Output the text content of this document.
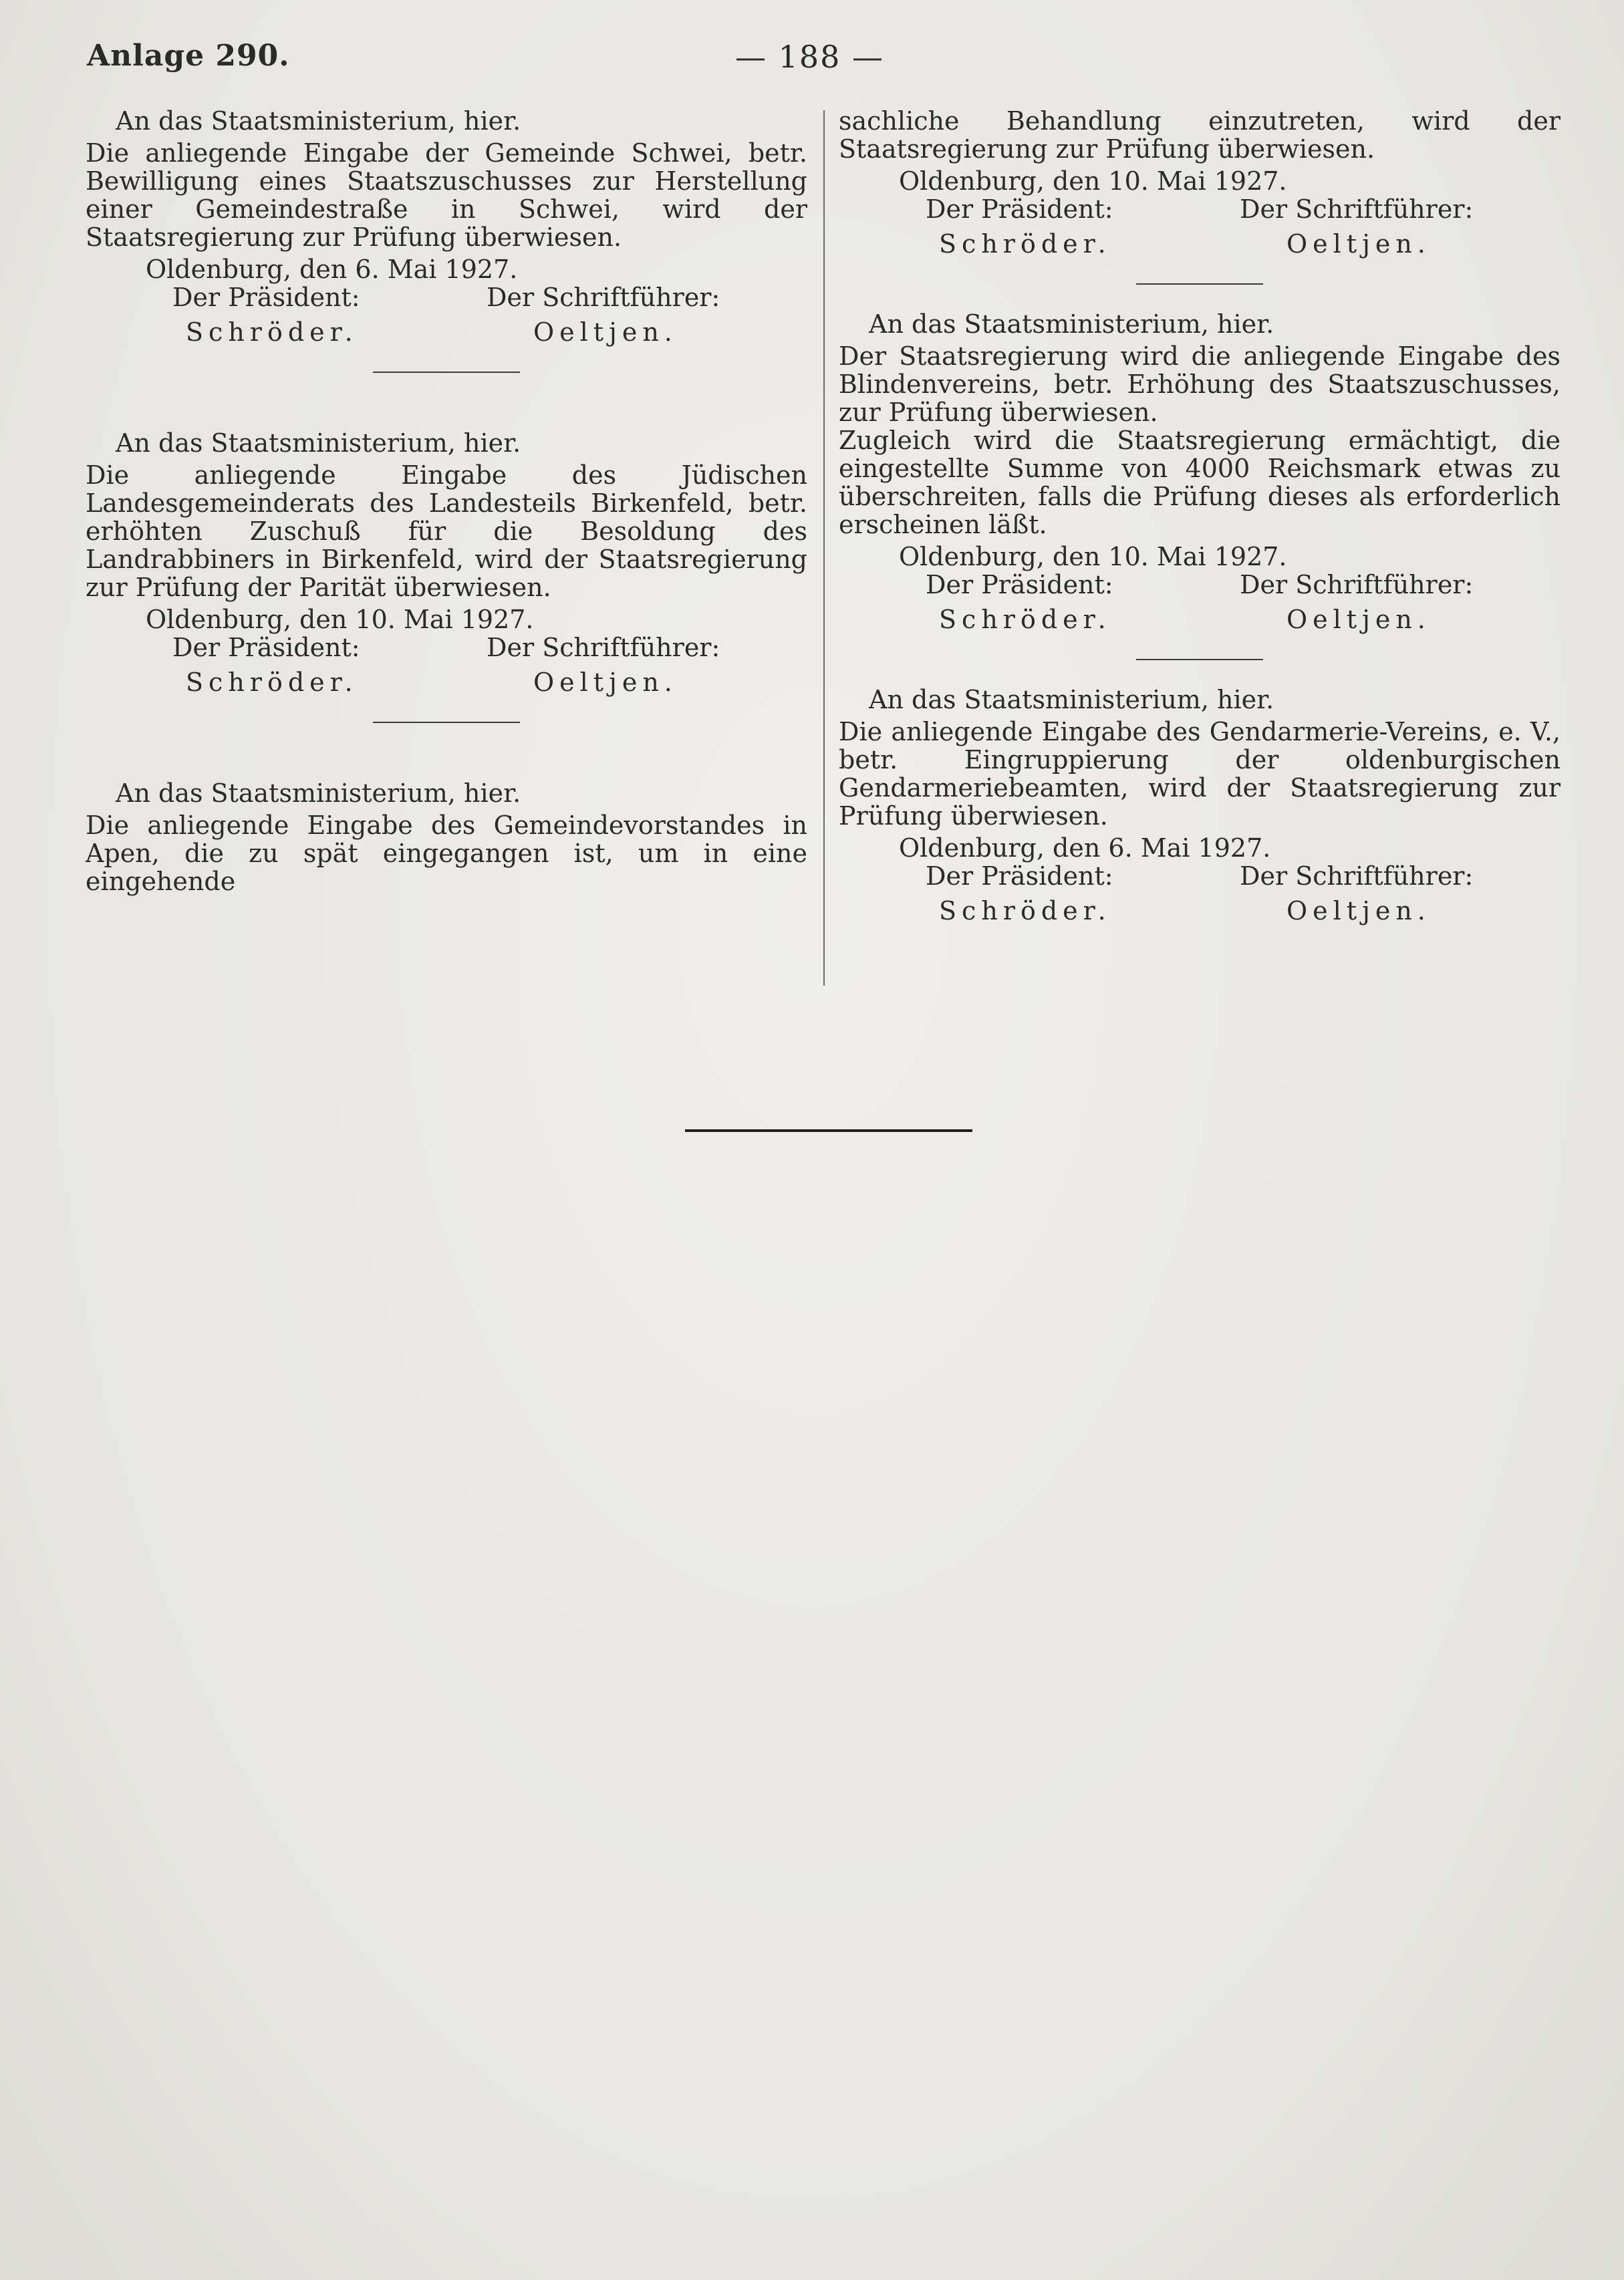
Anlage 290.	— 188 —
An das Staatsministerium, hier.
Die anliegende Eingabe der Gemeinde Schwei, betr. Bewilligung eines Staatszuschusses zur Herstellung einer Gemeindestraße in Schwei, wird der Staatsregierung zur Prüfung überwiesen.
Oldenburg, den 6. Mai 1927.
Der Präsident:	Der Schriftführer:
Schröder.	Oeltjen.
An das Staatsministerium, hier.
Die anliegende Eingabe des Jüdischen Landesgemeinderats des Landesteils Birkenfeld, betr. erhöhten Zuschuß für die Besoldung des Landrabbiners in Birkenfeld, wird der Staatsregierung zur Prüfung der Parität überwiesen.
Oldenburg, den 10. Mai 1927.
Der Präsident:	Der Schriftführer:
Schröder.	Oeltjen.
An das Staatsministerium, hier.
Die anliegende Eingabe des Gemeindevorstandes in Apen, die zu spät eingegangen ist, um in eine eingehende
sachliche Behandlung einzutreten, wird der Staatsregierung zur Prüfung überwiesen.
Oldenburg, den 10. Mai 1927.
Der Präsident:	Der Schriftführer:
Schröder.	Oeltjen.
An das Staatsministerium, hier.
Der Staatsregierung wird die anliegende Eingabe des Blindenvereins, betr. Erhöhung des Staatszuschusses, zur Prüfung überwiesen.
Zugleich wird die Staatsregierung ermächtigt, die eingestellte Summe von 4000 Reichsmark etwas zu überschreiten, falls die Prüfung dieses als erforderlich erscheinen läßt.
Oldenburg, den 10. Mai 1927.
Der Präsident:	Der Schriftführer:
Schröder.	Oeltjen.
An das Staatsministerium, hier.
Die anliegende Eingabe des Gendarmerie-Vereins, e. V., betr. Eingruppierung der oldenburgischen Gendarmeriebeamten, wird der Staatsregierung zur Prüfung überwiesen.
Oldenburg, den 6. Mai 1927.
Der Präsident:	Der Schriftführer:
Schröder.	Oeltjen.
